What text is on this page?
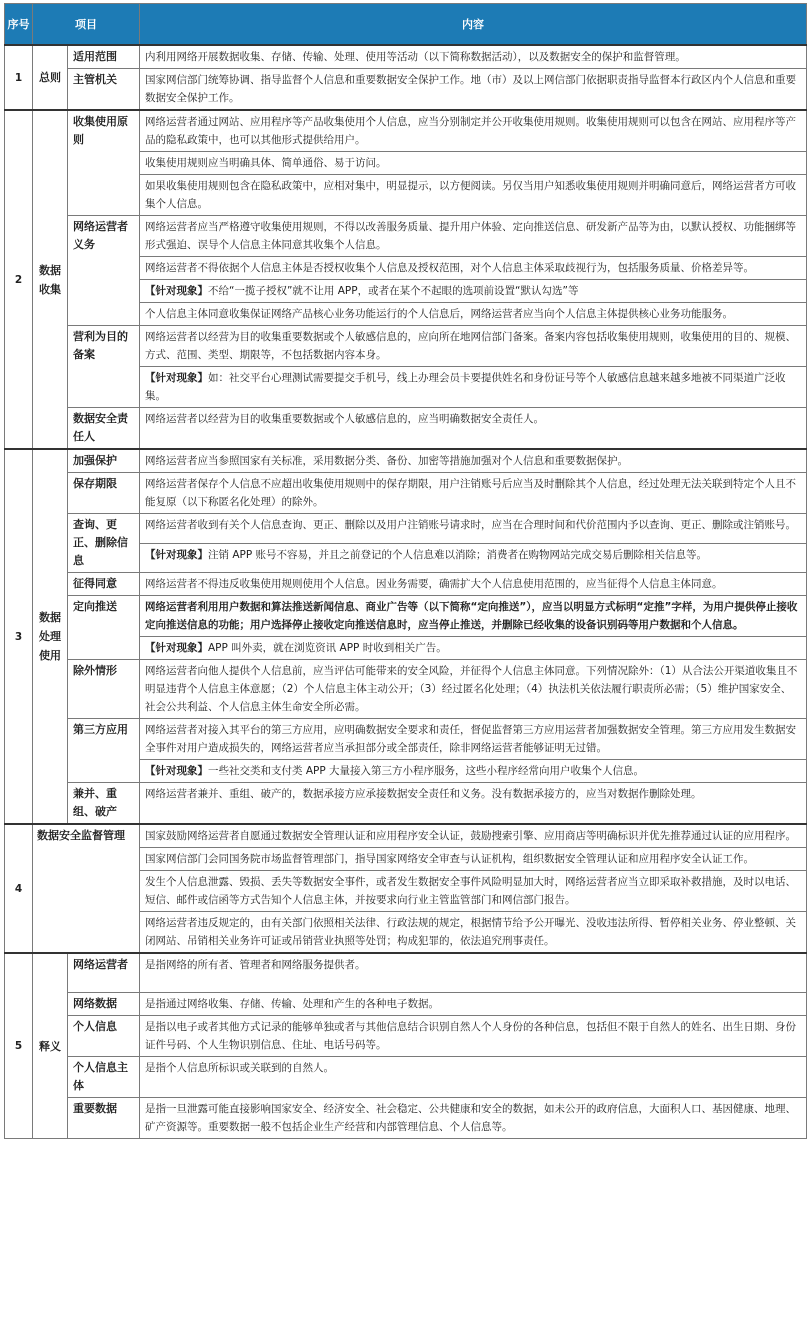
序号	项目		内容
1	总则	适用范围	内利用网络开展数据收集、存储、传输、处理、使用等活动（以下简称数据活动），以及数据安全的保护和监督管理。
		主管机关	国家网信部门统筹协调、指导监督个人信息和重要数据安全保护工作。地（市）及以上网信部门依据职责指导监督本行政区内个人信息和重要数据安全保护工作。
2	数据收集	收集使用原则	网络运营者通过网站、应用程序等产品收集使用个人信息，应当分别制定并公开收集使用规则。收集使用规则可以包含在网站、应用程序等产品的隐私政策中，也可以其他形式提供给用户。
			收集使用规则应当明确具体、简单通俗、易于访问。
			如果收集使用规则包含在隐私政策中，应相对集中，明显提示，以方便阅读。另仅当用户知悉收集使用规则并明确同意后，网络运营者方可收集个人信息。
		网络运营者义务	网络运营者应当严格遵守收集使用规则，不得以改善服务质量、提升用户体验、定向推送信息、研发新产品等为由，以默认授权、功能捆绑等形式强迫、误导个人信息主体同意其收集个人信息。
			网络运营者不得依据个人信息主体是否授权收集个人信息及授权范围，对个人信息主体采取歧视行为，包括服务质量、价格差异等。
			【针对现象】不给“一揽子授权”就不让用 APP，或者在某个不起眼的选项前设置“默认勾选”等
			个人信息主体同意收集保证网络产品核心业务功能运行的个人信息后，网络运营者应当向个人信息主体提供核心业务功能服务。
		营利为目的备案	网络运营者以经营为目的收集重要数据或个人敏感信息的，应向所在地网信部门备案。备案内容包括收集使用规则，收集使用的目的、规模、方式、范围、类型、期限等，不包括数据内容本身。
			【针对现象】如：社交平台心理测试需要提交手机号，线上办理会员卡要提供姓名和身份证号等个人敏感信息越来越多地被不同渠道广泛收集。
		数据安全责任人	网络运营者以经营为目的收集重要数据或个人敏感信息的，应当明确数据安全责任人。
3	数据处理使用	加强保护	网络运营者应当参照国家有关标准，采用数据分类、备份、加密等措施加强对个人信息和重要数据保护。
		保存期限	网络运营者保存个人信息不应超出收集使用规则中的保存期限，用户注销账号后应当及时删除其个人信息，经过处理无法关联到特定个人且不能复原（以下称匿名化处理）的除外。
		查询、更正、删除信息	网络运营者收到有关个人信息查询、更正、删除以及用户注销账号请求时，应当在合理时间和代价范围内予以查询、更正、删除或注销账号。
			【针对现象】注销 APP 账号不容易，并且之前登记的个人信息难以消除；消费者在购物网站完成交易后删除相关信息等。
		征得同意	网络运营者不得违反收集使用规则使用个人信息。因业务需要，确需扩大个人信息使用范围的，应当征得个人信息主体同意。
		定向推送	网络运营者利用用户数据和算法推送新闻信息、商业广告等（以下简称“定向推送”），应当以明显方式标明“定推”字样，为用户提供停止接收定向推送信息的功能；用户选择停止接收定向推送信息时，应当停止推送，并删除已经收集的设备识别码等用户数据和个人信息。
			【针对现象】APP 叫外卖，就在浏览资讯 APP 时收到相关广告。
		除外情形	网络运营者向他人提供个人信息前，应当评估可能带来的安全风险，并征得个人信息主体同意。下列情况除外：（1）从合法公开渠道收集且不明显违背个人信息主体意愿；（2）个人信息主体主动公开；（3）经过匿名化处理；（4）执法机关依法履行职责所必需；（5）维护国家安全、社会公共利益、个人信息主体生命安全所必需。
		第三方应用	网络运营者对接入其平台的第三方应用，应明确数据安全要求和责任，督促监督第三方应用运营者加强数据安全管理。第三方应用发生数据安全事件对用户造成损失的，网络运营者应当承担部分或全部责任，除非网络运营者能够证明无过错。
			【针对现象】一些社交类和支付类 APP 大量接入第三方小程序服务，这些小程序经常向用户收集个人信息。
		兼并、重组、破产	网络运营者兼并、重组、破产的，数据承接方应承接数据安全责任和义务。没有数据承接方的，应当对数据作删除处理。
4	数据安全监督管理		国家鼓励网络运营者自愿通过数据安全管理认证和应用程序安全认证，鼓励搜索引擎、应用商店等明确标识并优先推荐通过认证的应用程序。
			国家网信部门会同国务院市场监督管理部门，指导国家网络安全审查与认证机构，组织数据安全管理认证和应用程序安全认证工作。
			发生个人信息泄露、毁损、丢失等数据安全事件，或者发生数据安全事件风险明显加大时，网络运营者应当立即采取补救措施，及时以电话、短信、邮件或信函等方式告知个人信息主体，并按要求向行业主管监管部门和网信部门报告。
			网络运营者违反规定的，由有关部门依照相关法律、行政法规的规定，根据情节给予公开曝光、没收违法所得、暂停相关业务、停业整顿、关闭网站、吊销相关业务许可证或吊销营业执照等处罚；构成犯罪的，依法追究刑事责任。
5	释义	网络运营者	是指网络的所有者、管理者和网络服务提供者。
		网络数据	是指通过网络收集、存储、传输、处理和产生的各种电子数据。
		个人信息	是指以电子或者其他方式记录的能够单独或者与其他信息结合识别自然人个人身份的各种信息，包括但不限于自然人的姓名、出生日期、身份证件号码、个人生物识别信息、住址、电话号码等。
		个人信息主体	是指个人信息所标识或关联到的自然人。
		重要数据	是指一旦泄露可能直接影响国家安全、经济安全、社会稳定、公共健康和安全的数据，如未公开的政府信息，大面积人口、基因健康、地理、矿产资源等。重要数据一般不包括企业生产经营和内部管理信息、个人信息等。
